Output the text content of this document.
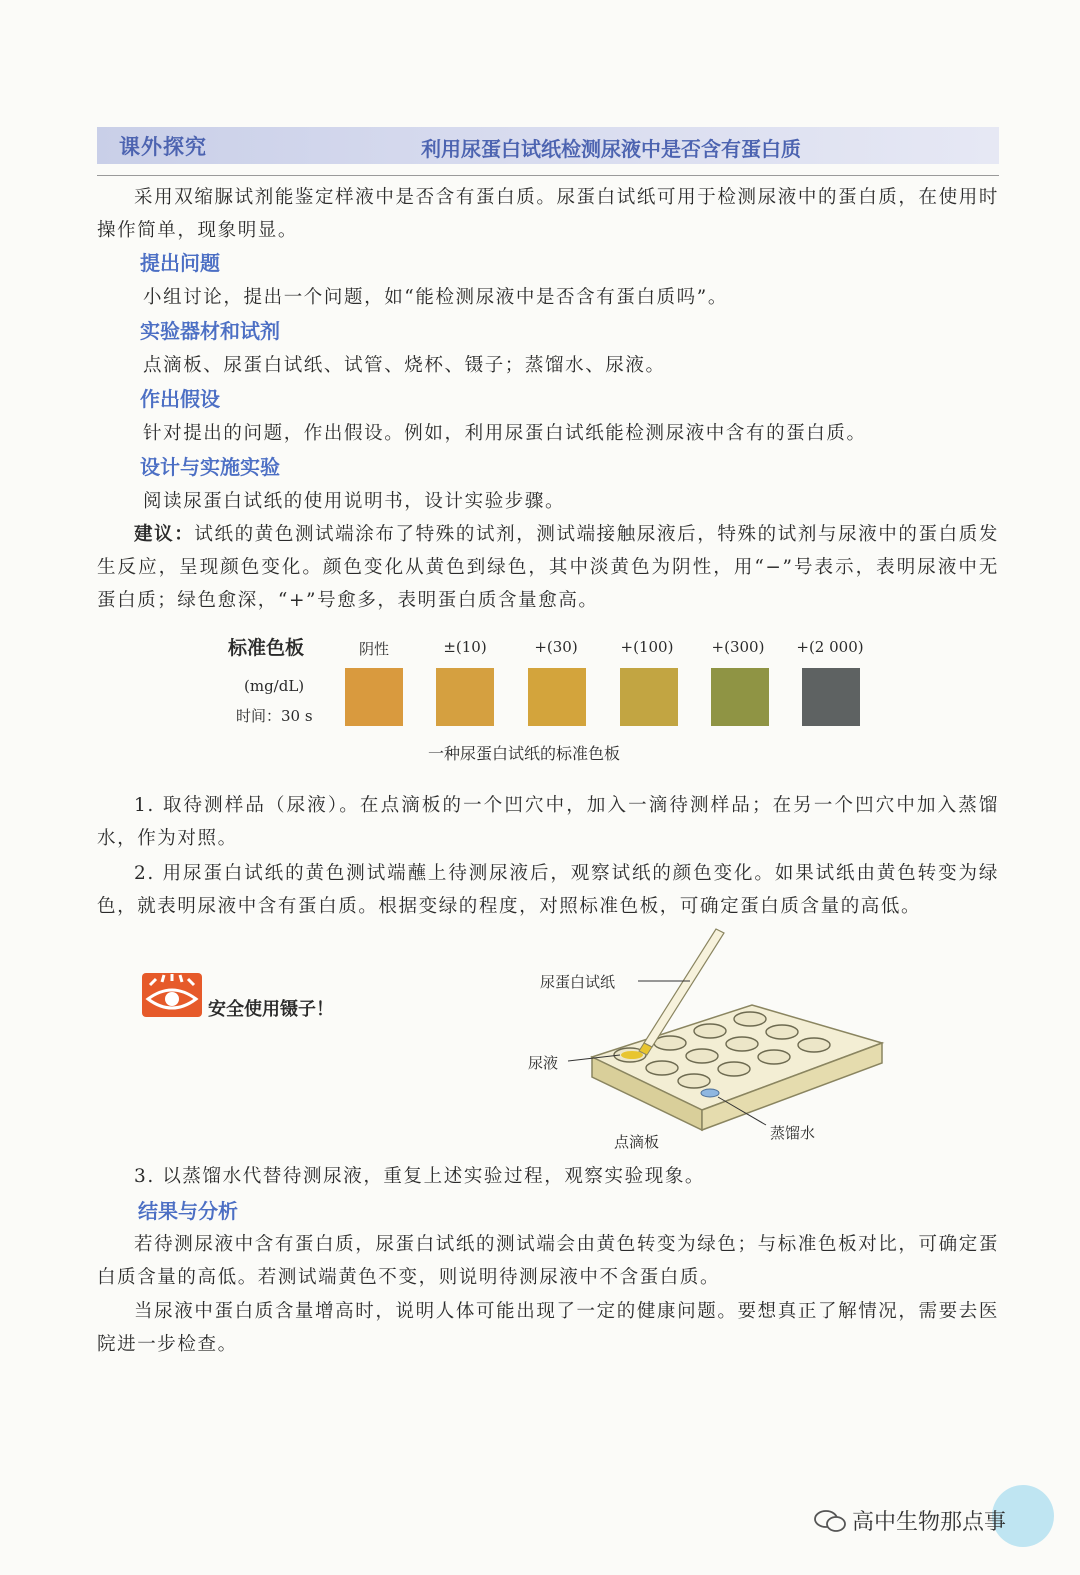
课外探究	利用尿蛋白试纸检测尿液中是否含有蛋白质
采用双缩脲试剂能鉴定样液中是否含有蛋白质。尿蛋白试纸可用于检测尿液中的蛋白质，在使用时操作简单，现象明显。
提出问题
小组讨论，提出一个问题，如“能检测尿液中是否含有蛋白质吗”。
实验器材和试剂
点滴板、尿蛋白试纸、试管、烧杯、镊子；蒸馏水、尿液。
作出假设
针对提出的问题，作出假设。例如，利用尿蛋白试纸能检测尿液中含有的蛋白质。
设计与实施实验
阅读尿蛋白试纸的使用说明书，设计实验步骤。
建议：试纸的黄色测试端涂布了特殊的试剂，测试端接触尿液后，特殊的试剂与尿液中的蛋白质发生反应，呈现颜色变化。颜色变化从黄色到绿色，其中淡黄色为阴性，用“−”号表示，表明尿液中无蛋白质；绿色愈深，“+”号愈多，表明蛋白质含量愈高。
标准色板
(mg/dL)
时间：30 s
阴性	±(10)	+(30)	+(100)	+(300)	+(2 000)
一种尿蛋白试纸的标准色板
1. 取待测样品（尿液）。在点滴板的一个凹穴中，加入一滴待测样品；在另一个凹穴中加入蒸馏水，作为对照。
2. 用尿蛋白试纸的黄色测试端蘸上待测尿液后，观察试纸的颜色变化。如果试纸由黄色转变为绿色，就表明尿液中含有蛋白质。根据变绿的程度，对照标准色板，可确定蛋白质含量的高低。
安全使用镊子！
尿蛋白试纸
尿液
点滴板	蒸馏水
3. 以蒸馏水代替待测尿液，重复上述实验过程，观察实验现象。
结果与分析
若待测尿液中含有蛋白质，尿蛋白试纸的测试端会由黄色转变为绿色；与标准色板对比，可确定蛋白质含量的高低。若测试端黄色不变，则说明待测尿液中不含蛋白质。
当尿液中蛋白质含量增高时，说明人体可能出现了一定的健康问题。要想真正了解情况，需要去医院进一步检查。
高中生物那点事
